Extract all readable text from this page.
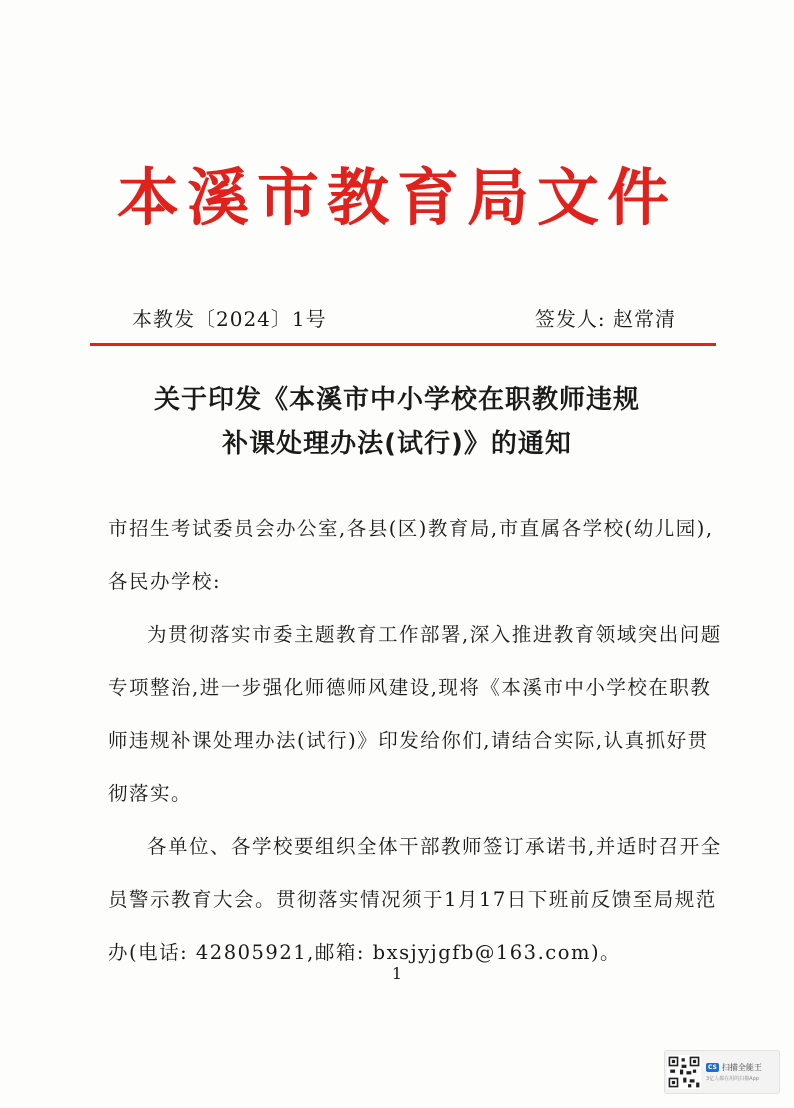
本溪市教育局文件
本教发〔2024〕1号	签发人: 赵常清
关于印发《本溪市中小学校在职教师违规
补课处理办法(试行)》的通知

市招生考试委员会办公室,各县(区)教育局,市直属各学校(幼儿园),各民办学校:

为贯彻落实市委主题教育工作部署,深入推进教育领域突出问题专项整治,进一步强化师德师风建设,现将《本溪市中小学校在职教师违规补课处理办法(试行)》印发给你们,请结合实际,认真抓好贯彻落实。

各单位、各学校要组织全体干部教师签订承诺书,并适时召开全员警示教育大会。贯彻落实情况须于1月17日下班前反馈至局规范办(电话: 42805921,邮箱: bxsjyjgfb@163.com)。

1
CS 扫描全能王
3亿人都在用的扫描App
